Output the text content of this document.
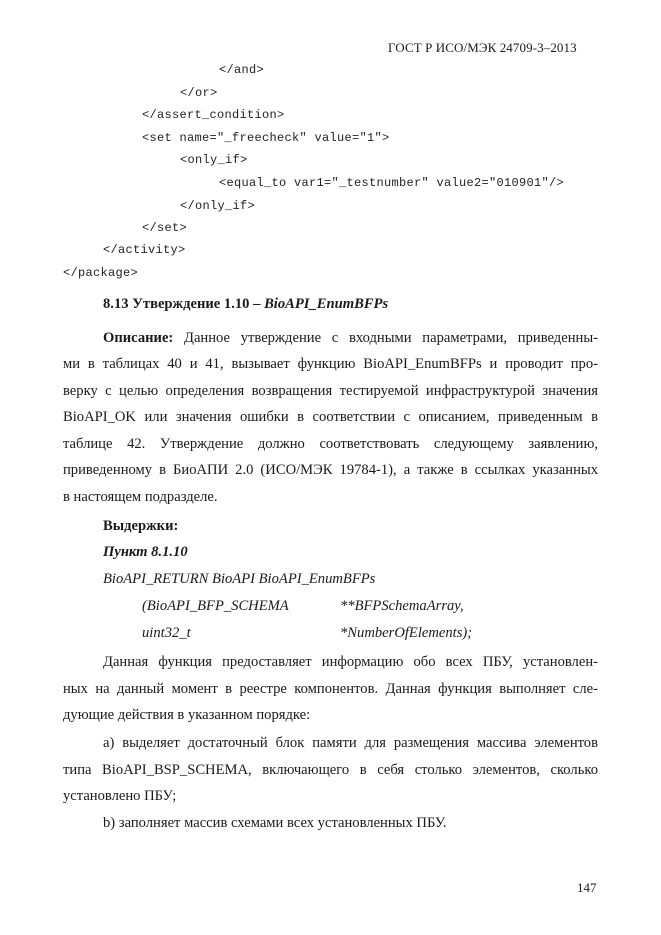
ГОСТ Р ИСО/МЭК 24709-3–2013
</and>
</or>
</assert_condition>
<set name="_freecheck" value="1">
<only_if>
<equal_to var1="_testnumber" value2="010901"/>
</only_if>
</set>
</activity>
</package>
8.13 Утверждение 1.10 – BioAPI_EnumBFPs
Описание: Данное утверждение с входными параметрами, приведенны-
ми в таблицах 40 и 41, вызывает функцию BioAPI_EnumBFPs и проводит про-
верку с целью определения возвращения тестируемой инфраструктурой значения
BioAPI_OK или значения ошибки в соответствии с описанием, приведенным в
таблице 42. Утверждение должно соответствовать следующему заявлению,
приведенному в БиоАПИ 2.0 (ИСО/МЭК 19784-1), а также в ссылках указанных
в настоящем подразделе.
Выдержки:
Пункт 8.1.10
BioAPI_RETURN BioAPI BioAPI_EnumBFPs
(BioAPI_BFP_SCHEMA	**BFPSchemaArray,
uint32_t	*NumberOfElements);
Данная функция предоставляет информацию обо всех ПБУ, установлен-
ных на данный момент в реестре компонентов. Данная функция выполняет сле-
дующие действия в указанном порядке:
а) выделяет достаточный блок памяти для размещения массива элементов
типа BioAPI_BSP_SCHEMA, включающего в себя столько элементов, сколько
установлено ПБУ;
b) заполняет массив схемами всех установленных ПБУ.
147
